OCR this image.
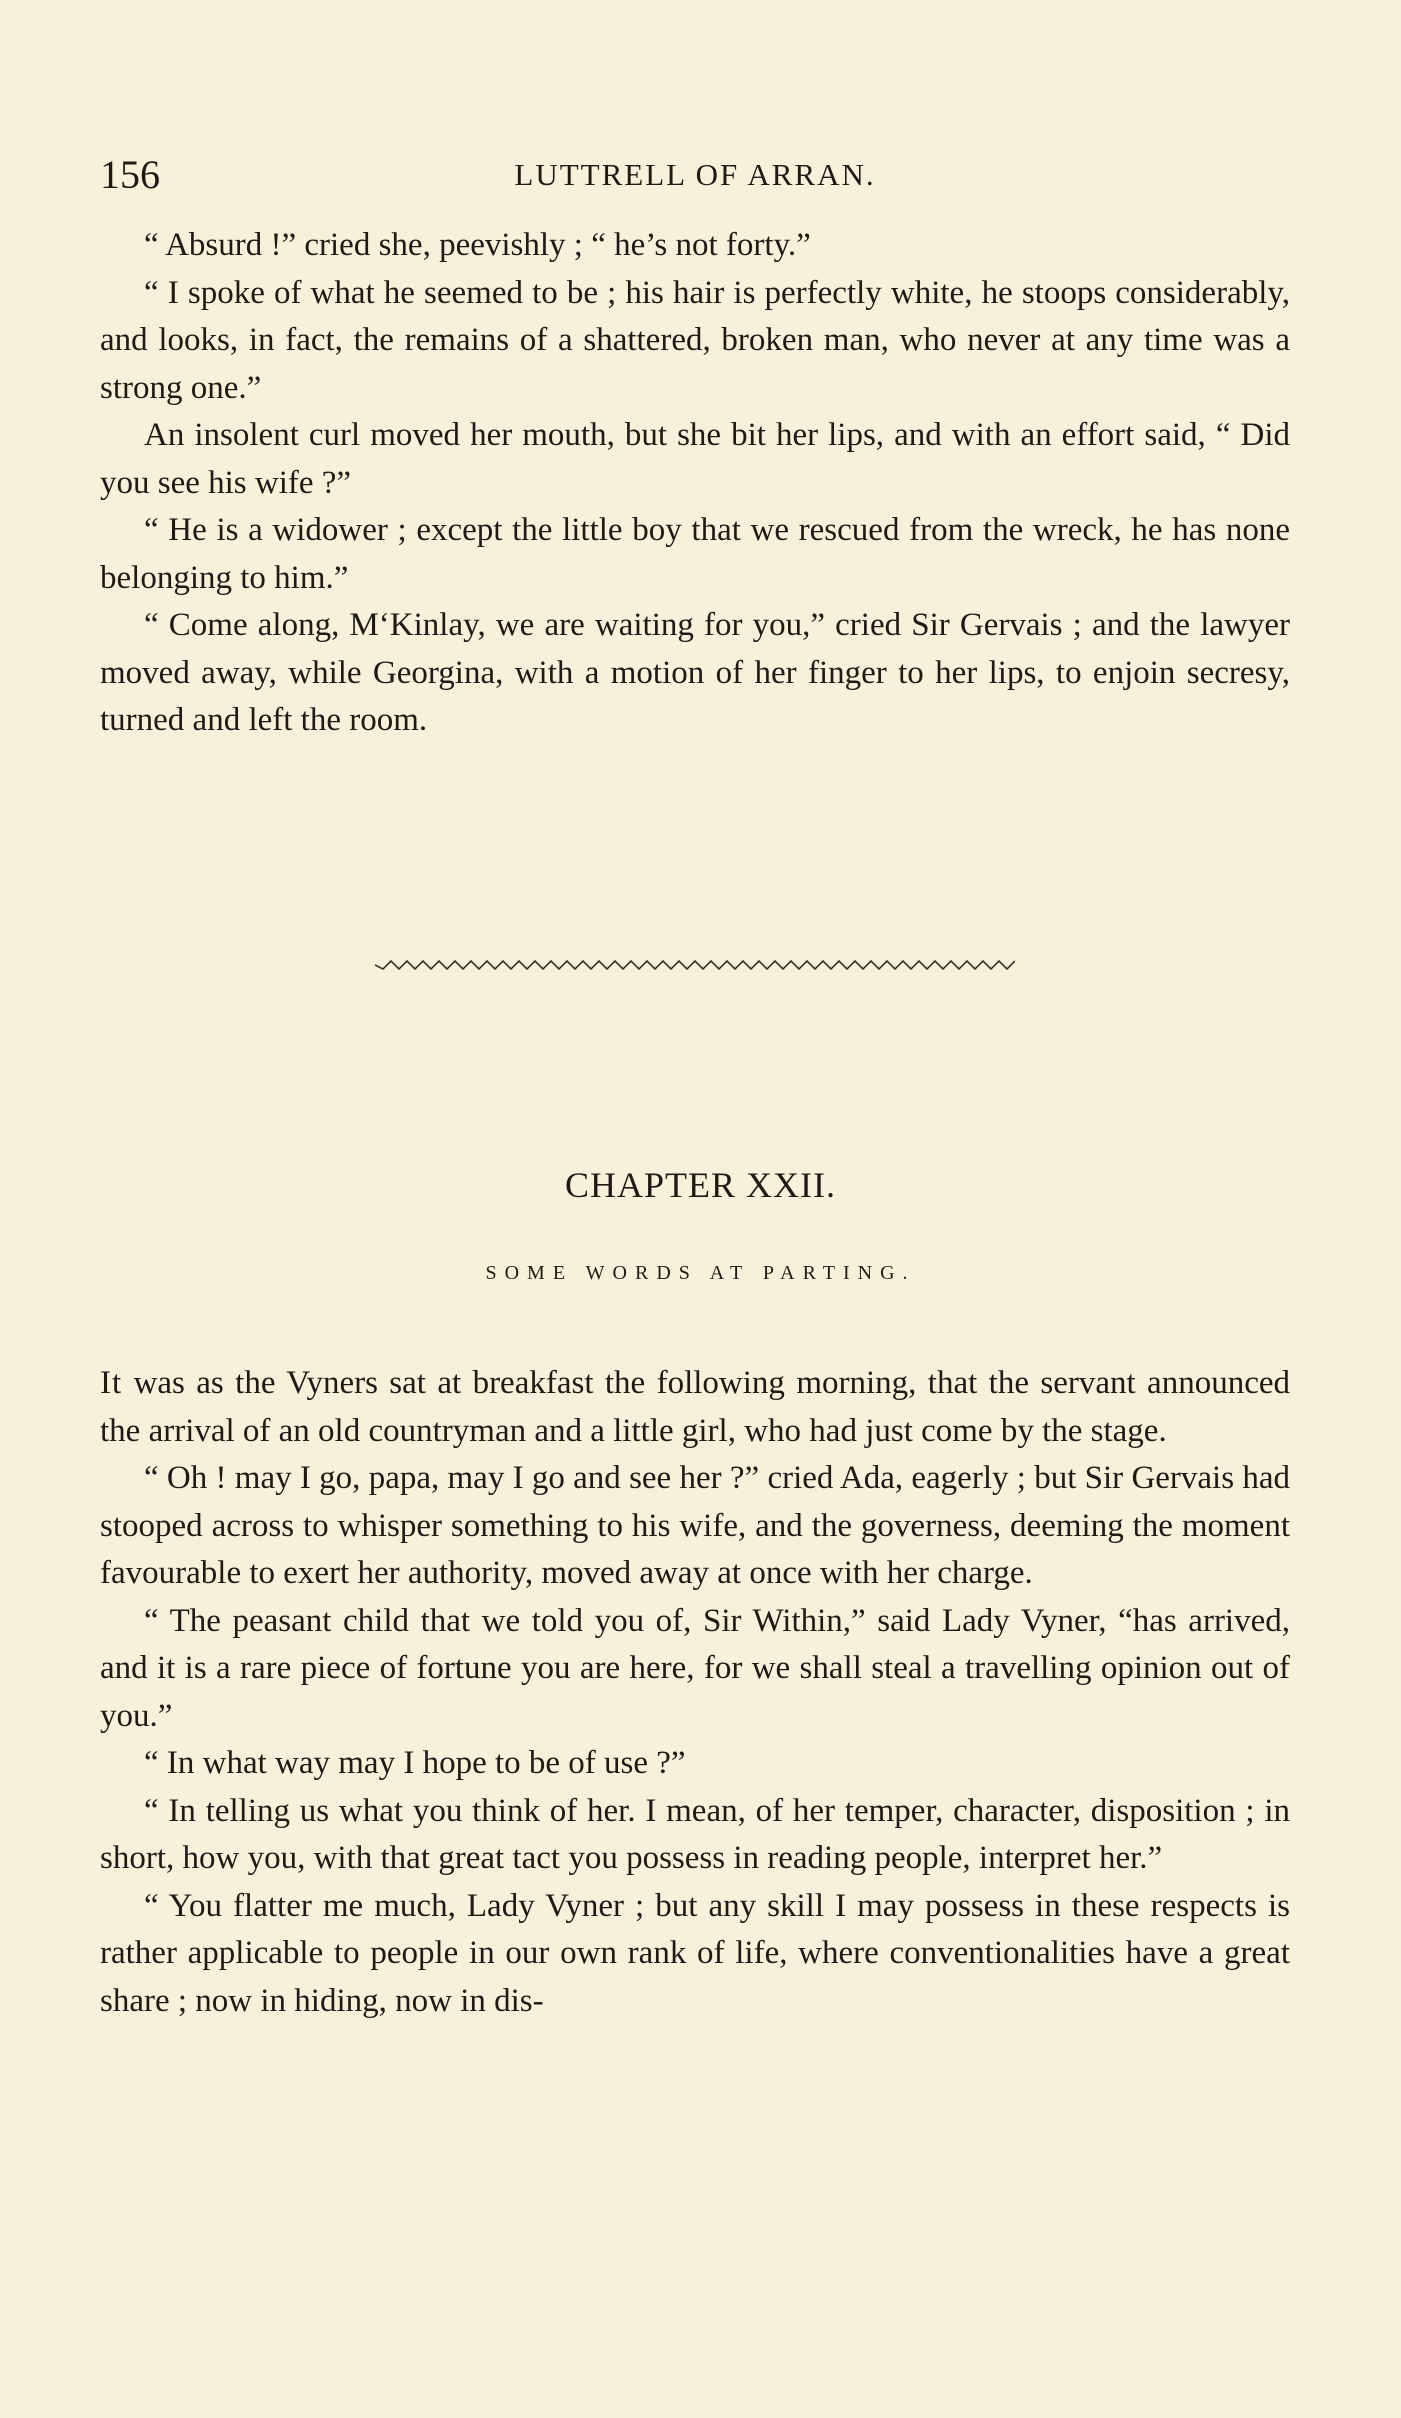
156	LUTTRELL OF ARRAN.

“ Absurd !” cried she, peevishly ; “ he’s not forty.”

“ I spoke of what he seemed to be ; his hair is perfectly white, he stoops considerably, and looks, in fact, the remains of a shattered, broken man, who never at any time was a strong one.”

An insolent curl moved her mouth, but she bit her lips, and with an effort said, “ Did you see his wife ?”

“ He is a widower ; except the little boy that we rescued from the wreck, he has none belonging to him.”

“ Come along, M‘Kinlay, we are waiting for you,” cried Sir Gervais ; and the lawyer moved away, while Georgina, with a motion of her finger to her lips, to enjoin secresy, turned and left the room.

CHAPTER XXII.
SOME WORDS AT PARTING.

It was as the Vyners sat at breakfast the following morning, that the servant announced the arrival of an old countryman and a little girl, who had just come by the stage.

“ Oh ! may I go, papa, may I go and see her ?” cried Ada, eagerly ; but Sir Gervais had stooped across to whisper something to his wife, and the governess, deeming the moment favourable to exert her authority, moved away at once with her charge.

“ The peasant child that we told you of, Sir Within,” said Lady Vyner, “has arrived, and it is a rare piece of fortune you are here, for we shall steal a travelling opinion out of you.”

“ In what way may I hope to be of use ?”

“ In telling us what you think of her. I mean, of her temper, character, disposition ; in short, how you, with that great tact you possess in reading people, interpret her.”

“ You flatter me much, Lady Vyner ; but any skill I may possess in these respects is rather applicable to people in our own rank of life, where conventionalities have a great share ; now in hiding, now in dis-
